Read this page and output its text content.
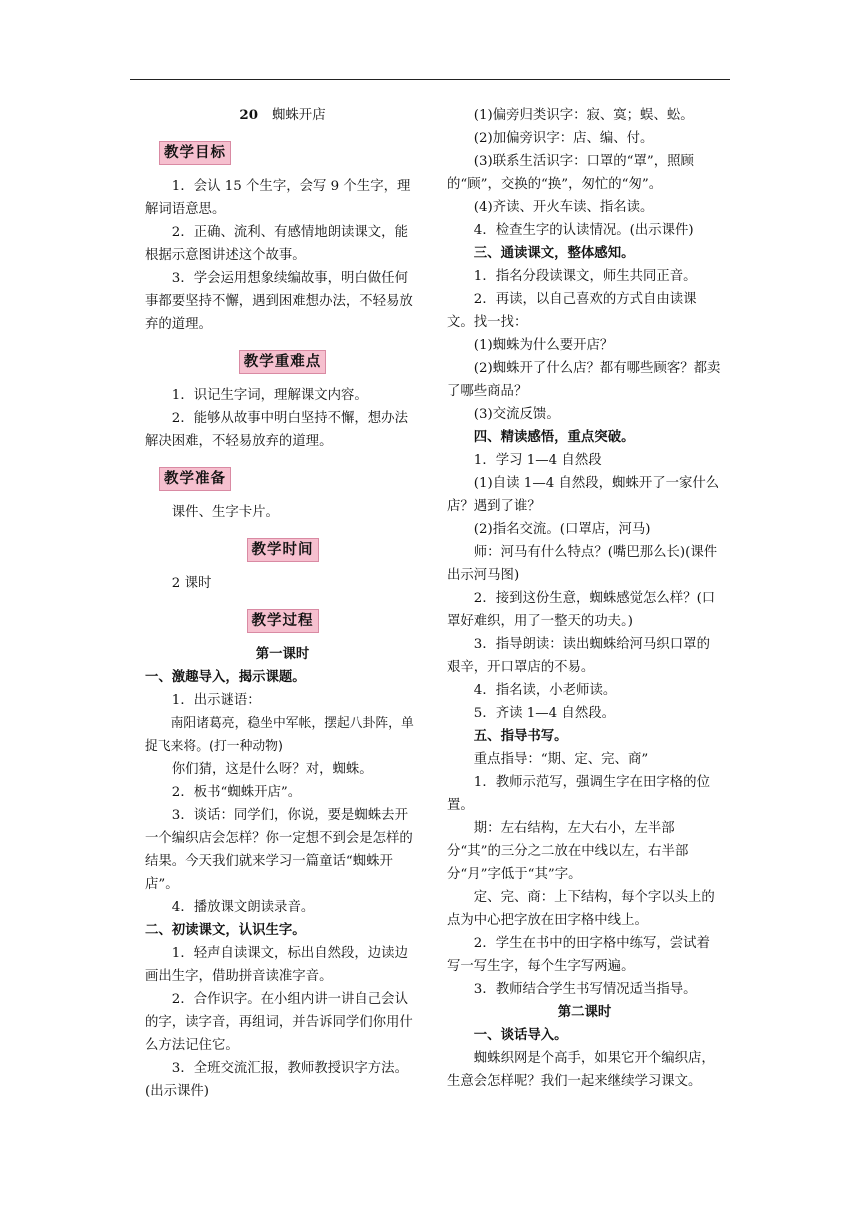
20 蜘蛛开店

教学目标

1．会认 15 个生字，会写 9 个生字，理解词语意思。

2．正确、流利、有感情地朗读课文，能根据示意图讲述这个故事。

3．学会运用想象续编故事，明白做任何事都要坚持不懈，遇到困难想办法，不轻易放弃的道理。

教学重难点

1．识记生字词，理解课文内容。

2．能够从故事中明白坚持不懈，想办法解决困难，不轻易放弃的道理。

教学准备

课件、生字卡片。

教学时间

2 课时

教学过程

第一课时

一、激趣导入，揭示课题。

1．出示谜语：

南阳诸葛亮，稳坐中军帐，摆起八卦阵，单捉飞来将。(打一种动物)

你们猜，这是什么呀？对，蜘蛛。

2．板书“蜘蛛开店”。

3．谈话：同学们，你说，要是蜘蛛去开一个编织店会怎样？你一定想不到会是怎样的结果。今天我们就来学习一篇童话“蜘蛛开店”。

4．播放课文朗读录音。

二、初读课文，认识生字。

1．轻声自读课文，标出自然段，边读边画出生字，借助拼音读准字音。

2．合作识字。在小组内讲一讲自己会认的字，读字音，再组词，并告诉同学们你用什么方法记住它。

3．全班交流汇报，教师教授识字方法。(出示课件)

(1)偏旁归类识字：寂、寞；蜈、蚣。

(2)加偏旁识字：店、编、付。

(3)联系生活识字：口罩的“罩”，照顾的“顾”，交换的“换”，匆忙的“匆”。

(4)齐读、开火车读、指名读。

4．检查生字的认读情况。(出示课件)

三、通读课文，整体感知。

1．指名分段读课文，师生共同正音。

2．再读，以自己喜欢的方式自由读课文。找一找：

(1)蜘蛛为什么要开店？

(2)蜘蛛开了什么店？都有哪些顾客？都卖了哪些商品？

(3)交流反馈。

四、精读感悟，重点突破。

1．学习 1—4 自然段

(1)自读 1—4 自然段，蜘蛛开了一家什么店？遇到了谁？

(2)指名交流。(口罩店，河马)

师：河马有什么特点？(嘴巴那么长)(课件出示河马图)

2．接到这份生意，蜘蛛感觉怎么样？(口罩好难织，用了一整天的功夫。)

3．指导朗读：读出蜘蛛给河马织口罩的艰辛，开口罩店的不易。

4．指名读，小老师读。

5．齐读 1—4 自然段。

五、指导书写。

重点指导：“期、定、完、商”

1．教师示范写，强调生字在田字格的位置。

期：左右结构，左大右小，左半部分“其”的三分之二放在中线以左，右半部分“月”字低于“其”字。

定、完、商：上下结构，每个字以头上的点为中心把字放在田字格中线上。

2．学生在书中的田字格中练写，尝试着写一写生字，每个生字写两遍。

3．教师结合学生书写情况适当指导。

第二课时

一、谈话导入。

蜘蛛织网是个高手，如果它开个编织店，生意会怎样呢？我们一起来继续学习课文。
